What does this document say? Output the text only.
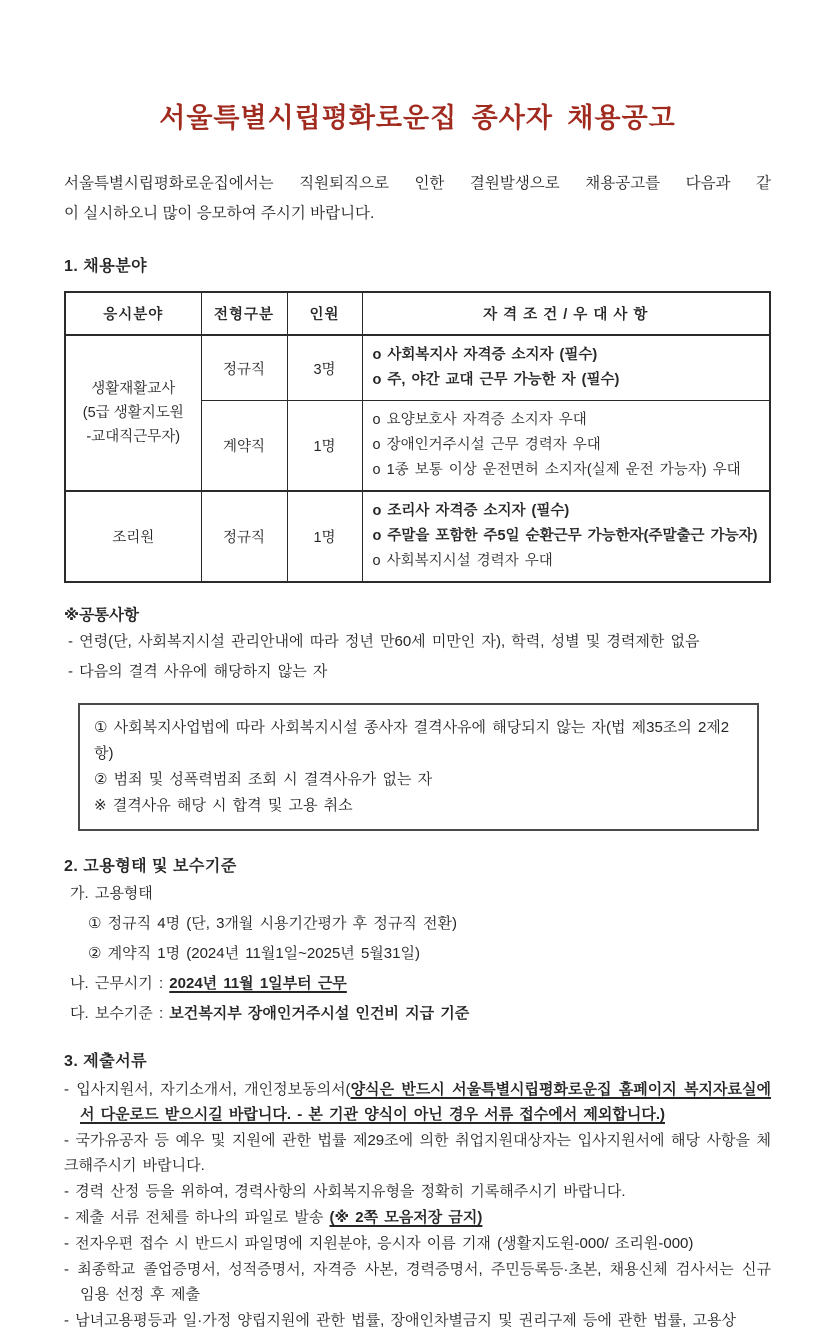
서울특별시립평화로운집 종사자 채용공고

서울특별시립평화로운집에서는 직원퇴직으로 인한 결원발생으로 채용공고를 다음과 같
이 실시하오니 많이 응모하여 주시기 바랍니다.

1. 채용분야
응시분야	전형구분	인원	자 격 조 건 / 우 대 사 항

생활재활교사
(5급 생활지도원
-교대직근무자)	정규직	3명	o 사회복지사 자격증 소지자 (필수)
o 주, 야간 교대 근무 가능한 자 (필수)

	계약직	1명	o 요양보호사 자격증 소지자 우대
o 장애인거주시설 근무 경력자 우대
o 1종 보통 이상 운전면허 소지자(실제 운전 가능자) 우대

조리원	정규직	1명	o 조리사 자격증 소지자 (필수)
o 주말을 포함한 주5일 순환근무 가능한자(주말출근 가능자)
o 사회복지시설 경력자 우대

※공통사항

- 연령(단, 사회복지시설 관리안내에 따라 정년 만60세 미만인 자), 학력, 성별 및 경력제한 없음

- 다음의 결격 사유에 해당하지 않는 자

① 사회복지사업법에 따라 사회복지시설 종사자 결격사유에 해당되지 않는 자(법 제35조의 2제2항)
② 범죄 및 성폭력범죄 조회 시 결격사유가 없는 자
※ 결격사유 해당 시 합격 및 고용 취소
2. 고용형태 및 보수기준

가. 고용형태

① 정규직 4명 (단, 3개월 시용기간평가 후 정규직 전환)

② 계약직 1명 (2024년 11월1일~2025년 5월31일)

나. 근무시기 : 2024년 11월 1일부터 근무

다. 보수기준 : 보건복지부 장애인거주시설 인건비 지급 기준

3. 제출서류

- 입사지원서, 자기소개서, 개인정보동의서(양식은 반드시 서울특별시립평화로운집 홈페이지 복지자료실에서 다운로드 받으시길 바랍니다. - 본 기관 양식이 아닌 경우 서류 접수에서 제외합니다.)

- 국가유공자 등 예우 및 지원에 관한 법률 제29조에 의한 취업지원대상자는 입사지원서에 해당 사항을 체크해주시기 바랍니다.

- 경력 산정 등을 위하여, 경력사항의 사회복지유형을 정확히 기록해주시기 바랍니다.

- 제출 서류 전체를 하나의 파일로 발송 (※ 2쪽 모음저장 금지)

- 전자우편 접수 시 반드시 파일명에 지원분야, 응시자 이름 기재 (생활지도원-000/ 조리원-000)

- 최종학교 졸업증명서, 성적증명서, 자격증 사본, 경력증명서, 주민등록등·초본, 채용신체 검사서는 신규 임용 선정 후 제출

- 남녀고용평등과 일·가정 양립지원에 관한 법률, 장애인차별금지 및 권리구제 등에 관한 법률, 고용상
